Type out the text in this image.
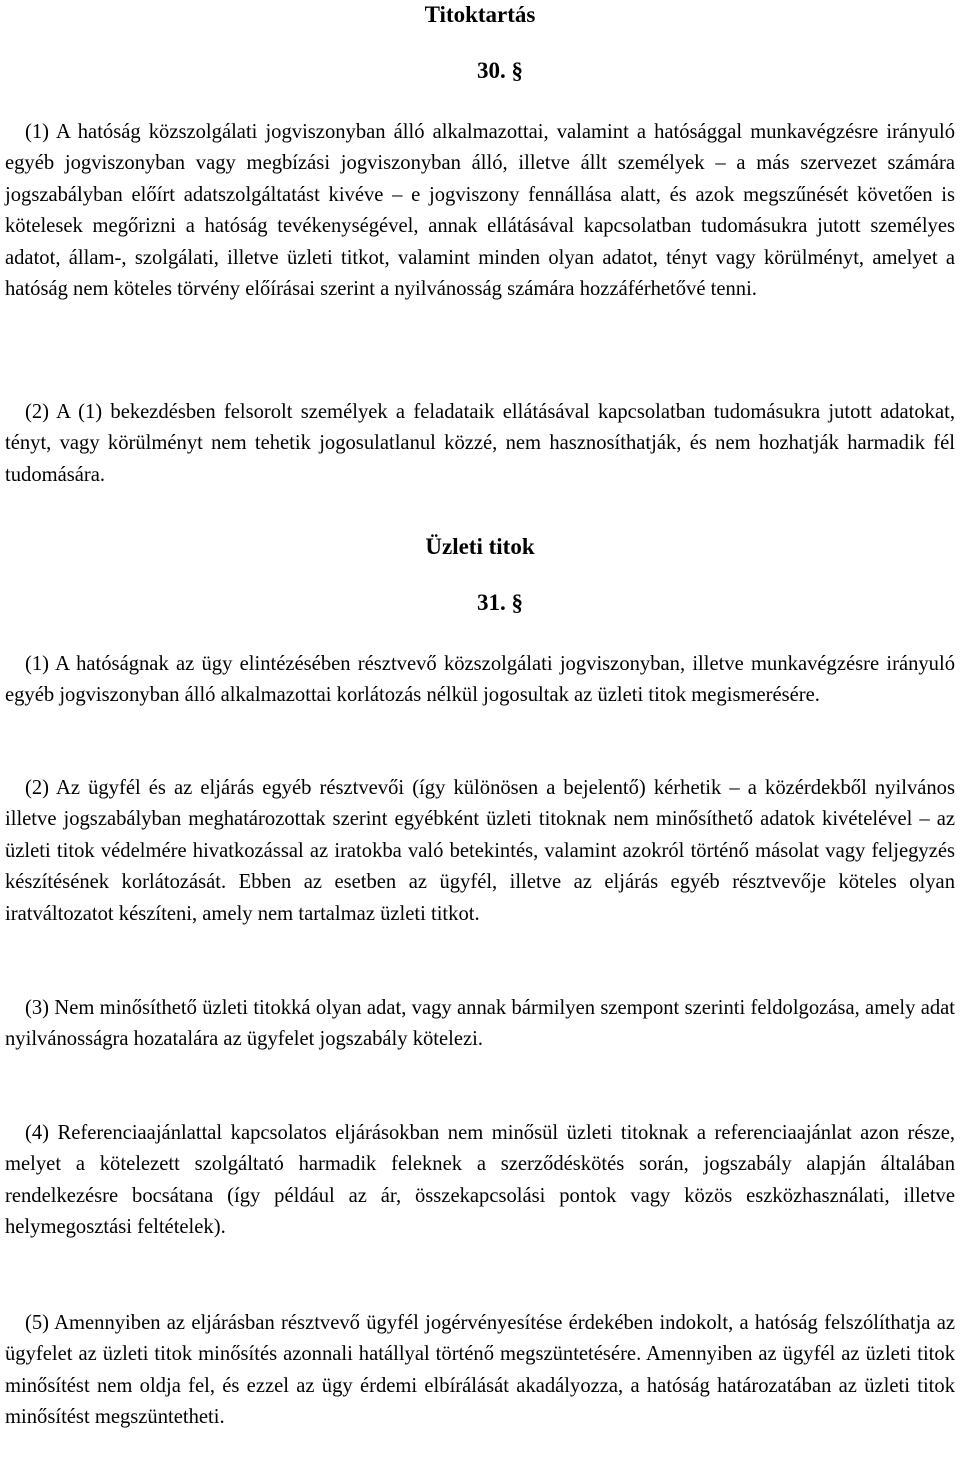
Titoktartás

30. §

(1) A hatóság közszolgálati jogviszonyban álló alkalmazottai, valamint a hatósággal munkavégzésre irányuló egyéb jogviszonyban vagy megbízási jogviszonyban álló, illetve állt személyek – a más szervezet számára jogszabályban előírt adatszolgáltatást kivéve – e jogviszony fennállása alatt, és azok megszűnését követően is kötelesek megőrizni a hatóság tevékenységével, annak ellátásával kapcsolatban tudomásukra jutott személyes adatot, állam-, szolgálati, illetve üzleti titkot, valamint minden olyan adatot, tényt vagy körülményt, amelyet a hatóság nem köteles törvény előírásai szerint a nyilvánosság számára hozzáférhetővé tenni.

(2) A (1) bekezdésben felsorolt személyek a feladataik ellátásával kapcsolatban tudomásukra jutott adatokat, tényt, vagy körülményt nem tehetik jogosulatlanul közzé, nem hasznosíthatják, és nem hozhatják harmadik fél tudomására.

Üzleti titok

31. §

(1) A hatóságnak az ügy elintézésében résztvevő közszolgálati jogviszonyban, illetve munkavégzésre irányuló egyéb jogviszonyban álló alkalmazottai korlátozás nélkül jogosultak az üzleti titok megismerésére.

(2) Az ügyfél és az eljárás egyéb résztvevői (így különösen a bejelentő) kérhetik – a közérdekből nyilvános illetve jogszabályban meghatározottak szerint egyébként üzleti titoknak nem minősíthető adatok kivételével – az üzleti titok védelmére hivatkozással az iratokba való betekintés, valamint azokról történő másolat vagy feljegyzés készítésének korlátozását. Ebben az esetben az ügyfél, illetve az eljárás egyéb résztvevője köteles olyan iratváltozatot készíteni, amely nem tartalmaz üzleti titkot.

(3) Nem minősíthető üzleti titokká olyan adat, vagy annak bármilyen szempont szerinti feldolgozása, amely adat nyilvánosságra hozatalára az ügyfelet jogszabály kötelezi.

(4) Referenciaajánlattal kapcsolatos eljárásokban nem minősül üzleti titoknak a referenciaajánlat azon része, melyet a kötelezett szolgáltató harmadik feleknek a szerződéskötés során, jogszabály alapján általában rendelkezésre bocsátana (így például az ár, összekapcsolási pontok vagy közös eszközhasználati, illetve helymegosztási feltételek).

(5) Amennyiben az eljárásban résztvevő ügyfél jogérvényesítése érdekében indokolt, a hatóság felszólíthatja az ügyfelet az üzleti titok minősítés azonnali hatállyal történő megszüntetésére. Amennyiben az ügyfél az üzleti titok minősítést nem oldja fel, és ezzel az ügy érdemi elbírálását akadályozza, a hatóság határozatában az üzleti titok minősítést megszüntetheti.
